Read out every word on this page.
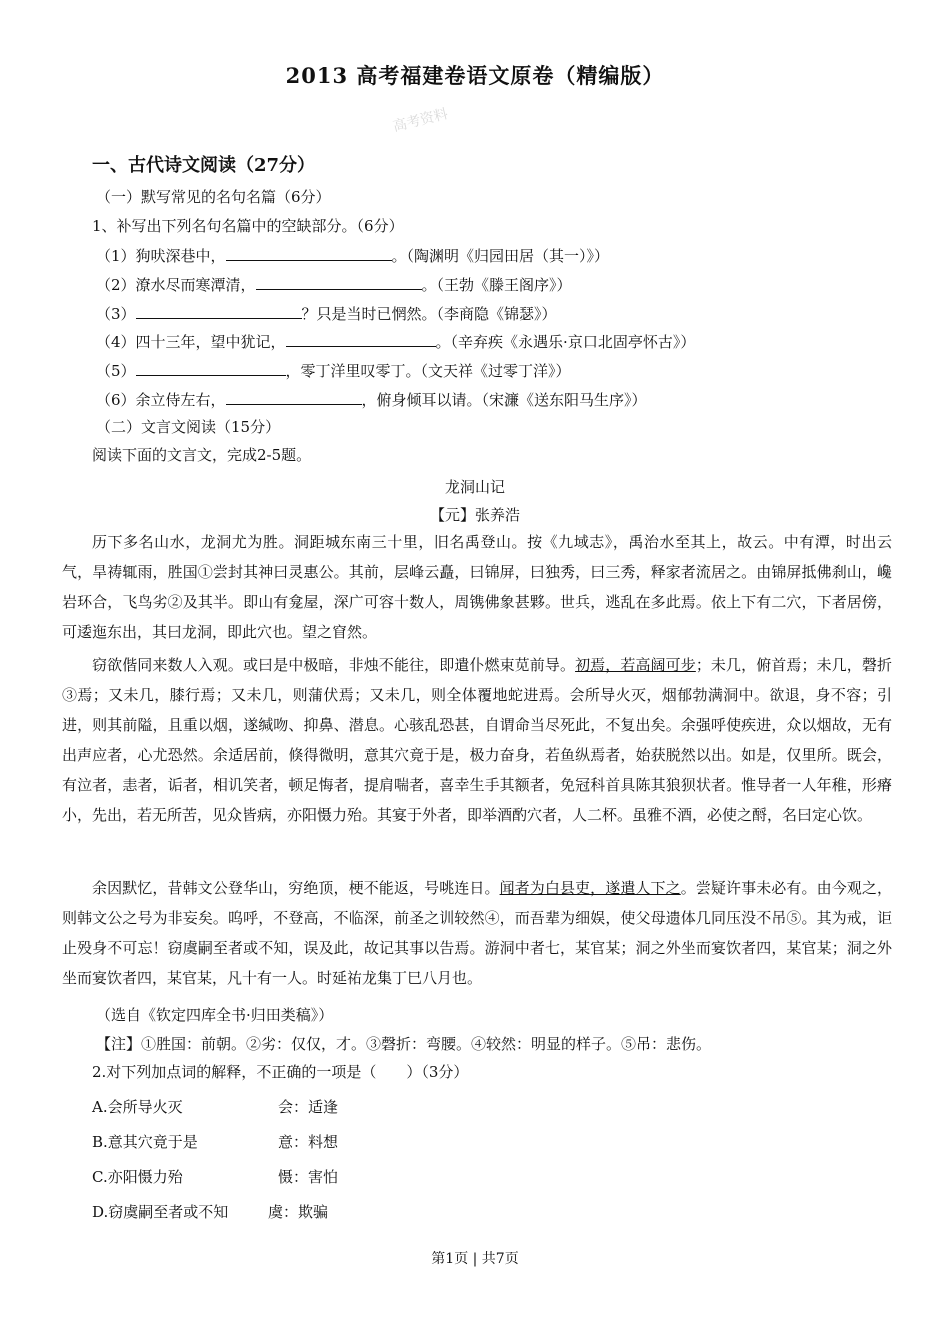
2013 高考福建卷语文原卷（精编版）
高考资料
一、古代诗文阅读（27分）
（一）默写常见的名句名篇（6分）
1、补写出下列名句名篇中的空缺部分。（6分）
（1）狗吠深巷中，	。（陶渊明《归园田居（其一）》）
（2）潦水尽而寒潭清，	。（王勃《滕王阁序》）
（3）	？只是当时已惘然。（李商隐《锦瑟》）
（4）四十三年，望中犹记，	。（辛弃疾《永遇乐·京口北固亭怀古》）
（5）	，零丁洋里叹零丁。（文天祥《过零丁洋》）
（6）余立侍左右，	，俯身倾耳以请。（宋濂《送东阳马生序》）
（二）文言文阅读（15分）
阅读下面的文言文，完成2-5题。
龙洞山记
【元】张养浩
历下多名山水，龙洞尤为胜。洞距城东南三十里，旧名禹登山。按《九域志》，禹治水至其上，故云。中有潭，时出云气，旱祷辄雨，胜国①尝封其神曰灵惠公。其前，层峰云矗，曰锦屏，曰独秀，曰三秀，释家者流居之。由锦屏抵佛刹山，巉岩环合，飞鸟劣②及其半。即山有龛屋，深广可容十数人，周镌佛象甚夥。世兵，逃乱在多此焉。依上下有二穴，下者居傍，可逶迤东出，其曰龙洞，即此穴也。望之窅然。
窃欲偕同来数人入观。或曰是中极暗，非烛不能往，即遣仆燃束苋前导。初焉，若高阔可步；未几，俯首焉；未几，磬折③焉；又未几，膝行焉；又未几，则蒲伏焉；又未几，则全体覆地蛇进焉。会所导火灭，烟郁勃满洞中。欲退，身不容；引进，则其前隘，且重以烟，遂缄吻、抑鼻、潜息。心骇乱恐甚，自谓命当尽死此，不复出矣。余强呼使疾进，众以烟故，无有出声应者，心尤恐然。余适居前，倏得微明，意其穴竟于是，极力奋身，若鱼纵焉者，始获脱然以出。如是，仅里所。既会，有泣者，恚者，诟者，相讥笑者，顿足悔者，提肩喘者，喜幸生手其额者，免冠科首具陈其狼狈状者。惟导者一人年稚，形瘠小，先出，若无所苦，见众皆病，亦阳慑力殆。其宴于外者，即举酒酌穴者，人二杯。虽雅不酒，必使之酹，名曰定心饮。
余因默忆，昔韩文公登华山，穷绝顶，梗不能返，号咷连日。闻者为白县吏，遂遣人下之。尝疑许事未必有。由今观之，则韩文公之号为非妄矣。呜呼，不登高，不临深，前圣之训较然④，而吾辈为细娱，使父母遗体几同压没不吊⑤。其为戒，讵止殁身不可忘！窃虞嗣至者或不知，误及此，故记其事以告焉。游洞中者七，某官某；洞之外坐而宴饮者四，某官某；洞之外坐而宴饮者四，某官某，凡十有一人。时延祐龙集丁巳八月也。
（选自《钦定四库全书·归田类稿》）
【注】①胜国：前朝。②劣：仅仅，才。③磬折：弯腰。④较然：明显的样子。⑤吊：悲伤。
2.对下列加点词的解释，不正确的一项是（　　）（3分）
A.会所导火灭	会：适逢
B.意其穴竟于是	意：料想
C.亦阳慑力殆	慑：害怕
D.窃虞嗣至者或不知	虞：欺骗
第1页 | 共7页
